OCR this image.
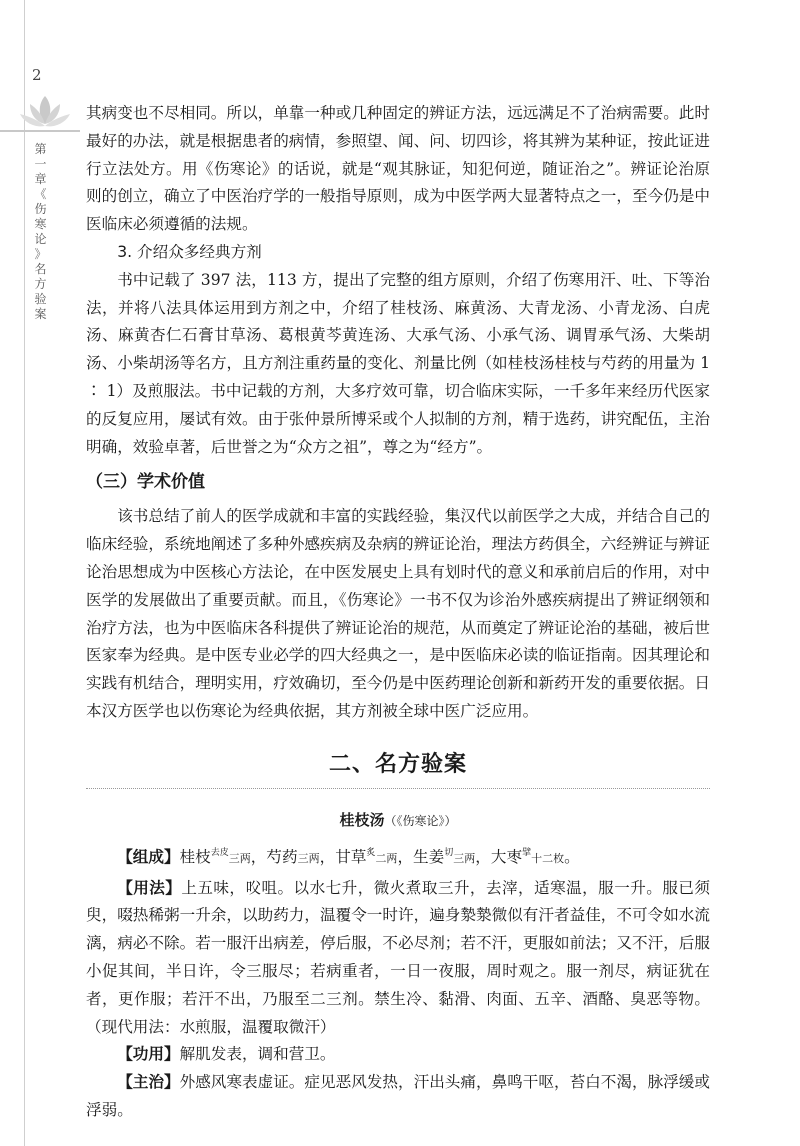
2
第
一
章
《
伤
寒
论
》
名
方
验
案

其病变也不尽相同。所以，单靠一种或几种固定的辨证方法，远远满足不了治病需要。此时最好的办法，就是根据患者的病情，参照望、闻、问、切四诊，将其辨为某种证，按此证进行立法处方。用《伤寒论》的话说，就是“观其脉证，知犯何逆，随证治之”。辨证论治原则的创立，确立了中医治疗学的一般指导原则，成为中医学两大显著特点之一，至今仍是中医临床必须遵循的法规。

3. 介绍众多经典方剂

书中记载了 397 法，113 方，提出了完整的组方原则，介绍了伤寒用汗、吐、下等治法，并将八法具体运用到方剂之中，介绍了桂枝汤、麻黄汤、大青龙汤、小青龙汤、白虎汤、麻黄杏仁石膏甘草汤、葛根黄芩黄连汤、大承气汤、小承气汤、调胃承气汤、大柴胡汤、小柴胡汤等名方，且方剂注重药量的变化、剂量比例（如桂枝汤桂枝与芍药的用量为 1 ∶ 1）及煎服法。书中记载的方剂，大多疗效可靠，切合临床实际，一千多年来经历代医家的反复应用，屡试有效。由于张仲景所博采或个人拟制的方剂，精于选药，讲究配伍，主治明确，效验卓著，后世誉之为“众方之祖”，尊之为“经方”。

（三）学术价值

该书总结了前人的医学成就和丰富的实践经验，集汉代以前医学之大成，并结合自己的临床经验，系统地阐述了多种外感疾病及杂病的辨证论治，理法方药俱全，六经辨证与辨证论治思想成为中医核心方法论，在中医发展史上具有划时代的意义和承前启后的作用，对中医学的发展做出了重要贡献。而且，《伤寒论》一书不仅为诊治外感疾病提出了辨证纲领和治疗方法，也为中医临床各科提供了辨证论治的规范，从而奠定了辨证论治的基础，被后世医家奉为经典。是中医专业必学的四大经典之一，是中医临床必读的临证指南。因其理论和实践有机结合，理明实用，疗效确切，至今仍是中医药理论创新和新药开发的重要依据。日本汉方医学也以伤寒论为经典依据，其方剂被全球中医广泛应用。

二、名方验案
桂枝汤（《伤寒论》）

【组成】桂枝$^{去皮}$三两，芍药三两，甘草$^炙$二两，生姜$^切$三两，大枣$^擘$十二枚。

【用法】上五味，㕮咀。以水七升，微火煮取三升，去滓，适寒温，服一升。服已须臾，啜热稀粥一升余，以助药力，温覆令一时许，遍身漐漐微似有汗者益佳，不可令如水流漓，病必不除。若一服汗出病差，停后服，不必尽剂；若不汗，更服如前法；又不汗，后服小促其间，半日许，令三服尽；若病重者，一日一夜服，周时观之。服一剂尽，病证犹在者，更作服；若汗不出，乃服至二三剂。禁生冷、黏滑、肉面、五辛、酒酪、臭恶等物。（现代用法：水煎服，温覆取微汗）

【功用】解肌发表，调和营卫。

【主治】外感风寒表虚证。症见恶风发热，汗出头痛，鼻鸣干呕，苔白不渴，脉浮缓或浮弱。
